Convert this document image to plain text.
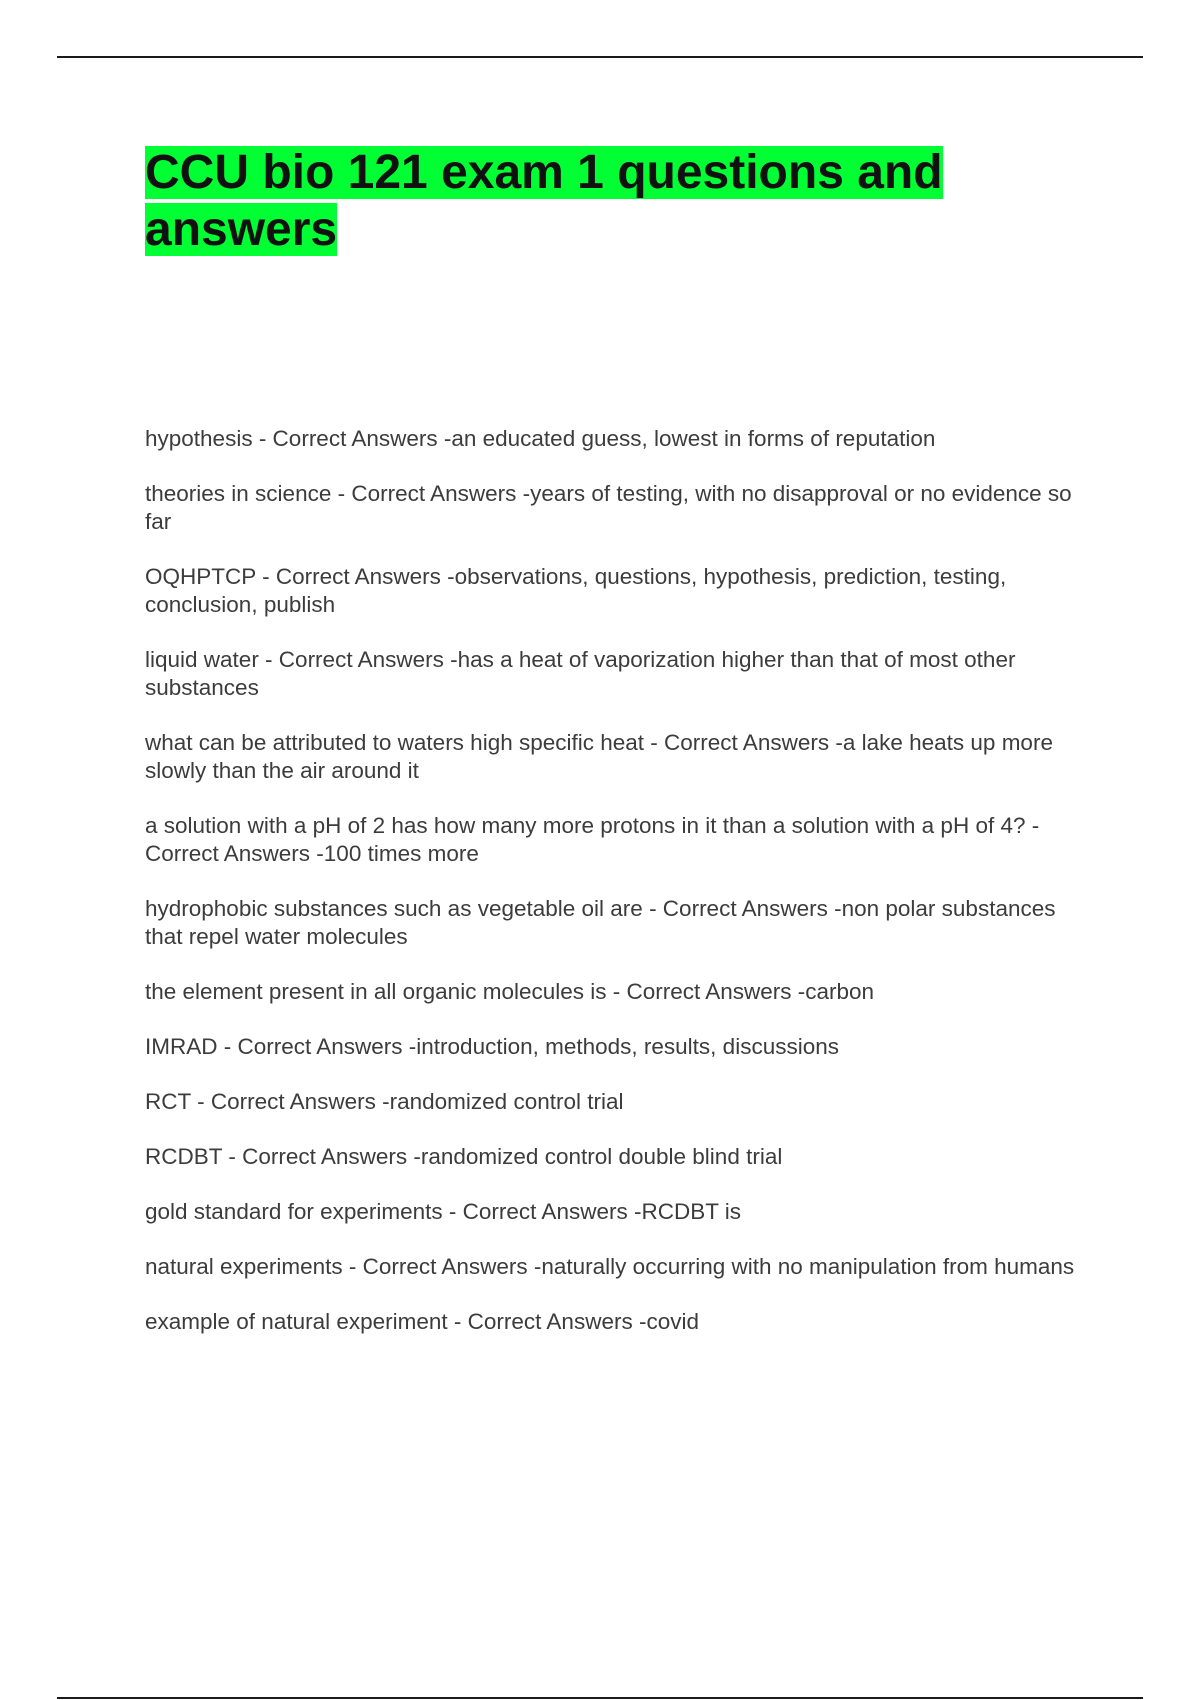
CCU bio 121 exam 1 questions and answers
hypothesis - Correct Answers -an educated guess, lowest in forms of reputation
theories in science - Correct Answers -years of testing, with no disapproval or no evidence so far
OQHPTCP - Correct Answers -observations, questions, hypothesis, prediction, testing, conclusion, publish
liquid water - Correct Answers -has a heat of vaporization higher than that of most other substances
what can be attributed to waters high specific heat - Correct Answers -a lake heats up more slowly than the air around it
a solution with a pH of 2 has how many more protons in it than a solution with a pH of 4? - Correct Answers -100 times more
hydrophobic substances such as vegetable oil are - Correct Answers -non polar substances that repel water molecules
the element present in all organic molecules is - Correct Answers -carbon
IMRAD - Correct Answers -introduction, methods, results, discussions
RCT - Correct Answers -randomized control trial
RCDBT - Correct Answers -randomized control double blind trial
gold standard for experiments - Correct Answers -RCDBT is
natural experiments - Correct Answers -naturally occurring with no manipulation from humans
example of natural experiment - Correct Answers -covid
